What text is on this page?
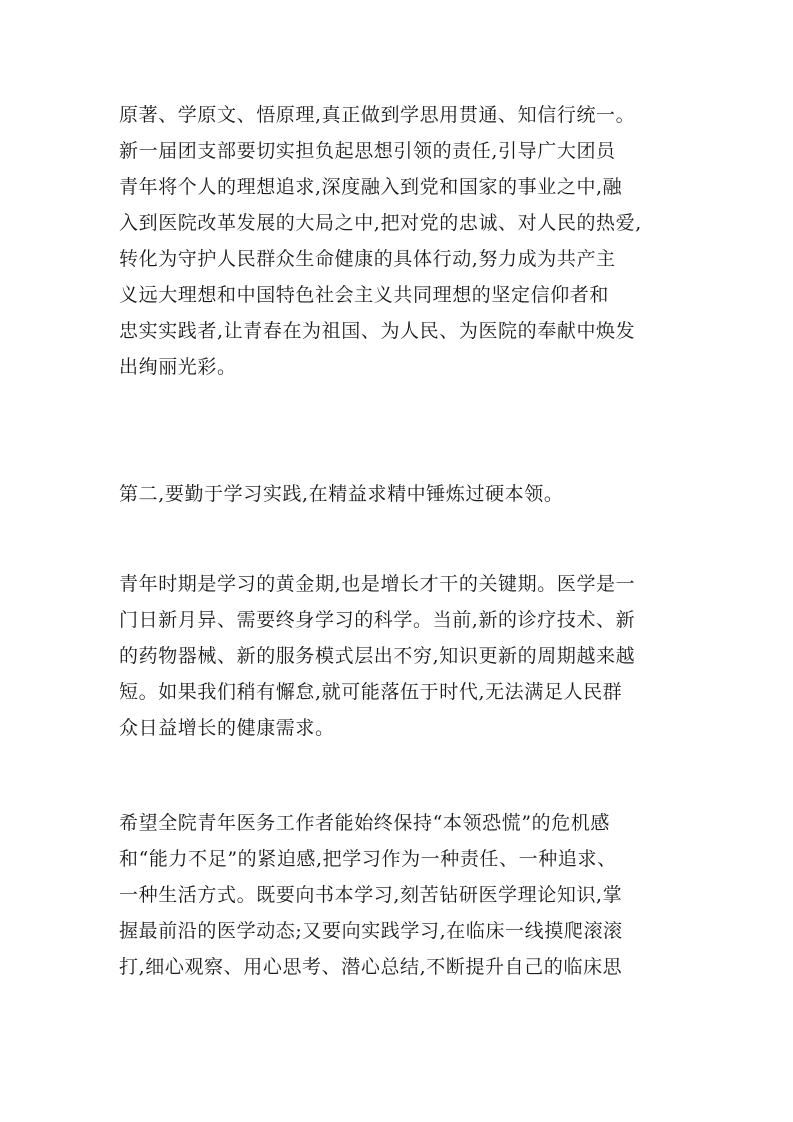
原著、学原文、悟原理,真正做到学思用贯通、知信行统一。
新一届团支部要切实担负起思想引领的责任,引导广大团员
青年将个人的理想追求,深度融入到党和国家的事业之中,融
入到医院改革发展的大局之中,把对党的忠诚、对人民的热爱,
转化为守护人民群众生命健康的具体行动,努力成为共产主
义远大理想和中国特色社会主义共同理想的坚定信仰者和
忠实实践者,让青春在为祖国、为人民、为医院的奉献中焕发
出绚丽光彩。
第二,要勤于学习实践,在精益求精中锤炼过硬本领。
青年时期是学习的黄金期,也是增长才干的关键期。医学是一
门日新月异、需要终身学习的科学。当前,新的诊疗技术、新
的药物器械、新的服务模式层出不穷,知识更新的周期越来越
短。如果我们稍有懈怠,就可能落伍于时代,无法满足人民群
众日益增长的健康需求。
希望全院青年医务工作者能始终保持“本领恐慌”的危机感
和“能力不足”的紧迫感,把学习作为一种责任、一种追求、
一种生活方式。既要向书本学习,刻苦钻研医学理论知识,掌
握最前沿的医学动态;又要向实践学习,在临床一线摸爬滚滚
打,细心观察、用心思考、潜心总结,不断提升自己的临床思
